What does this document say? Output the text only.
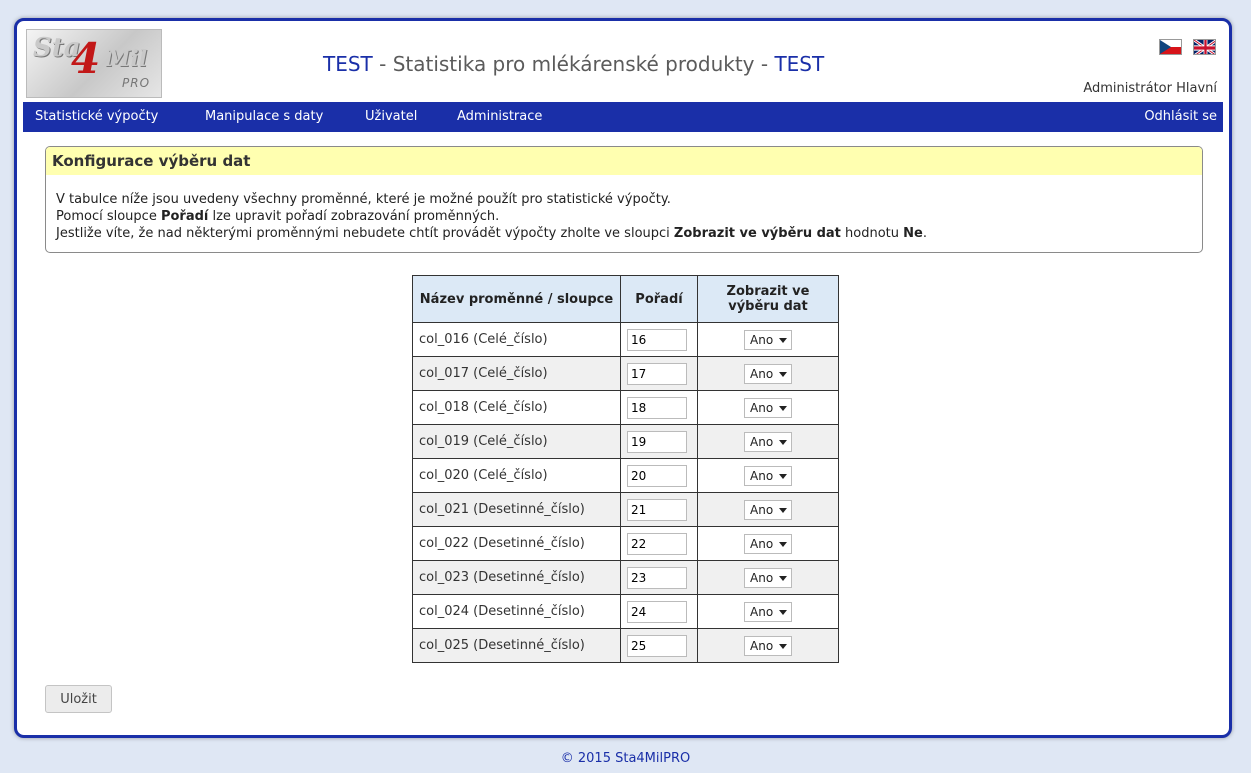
Sta
4 Mil
PRO
TEST - Statistika pro mlékárenské produkty - TEST
Administrátor Hlavní
Statistické výpočty	Manipulace s daty	Uživatel	Administrace	Odhlásit se
Konfigurace výběru dat
V tabulce níže jsou uvedeny všechny proměnné, které je možné použít pro statistické výpočty.
Pomocí sloupce Pořadí lze upravit pořadí zobrazování proměnných.
Jestliže víte, že nad některými proměnnými nebudete chtít provádět výpočty zholte ve sloupci Zobrazit ve výběru dat hodnotu Ne.
Název proměnné / sloupce	Pořadí	Zobrazit ve výběru dat
col_016 (Celé_číslo)	16	Ano

col_017 (Celé_číslo)	17	Ano

col_018 (Celé_číslo)	18	Ano

col_019 (Celé_číslo)	19	Ano

col_020 (Celé_číslo)	20	Ano

col_021 (Desetinné_číslo)	21	Ano

col_022 (Desetinné_číslo)	22	Ano

col_023 (Desetinné_číslo)	23	Ano

col_024 (Desetinné_číslo)	24	Ano

col_025 (Desetinné_číslo)	25	Ano
Uložit
© 2015 Sta4MilPRO
